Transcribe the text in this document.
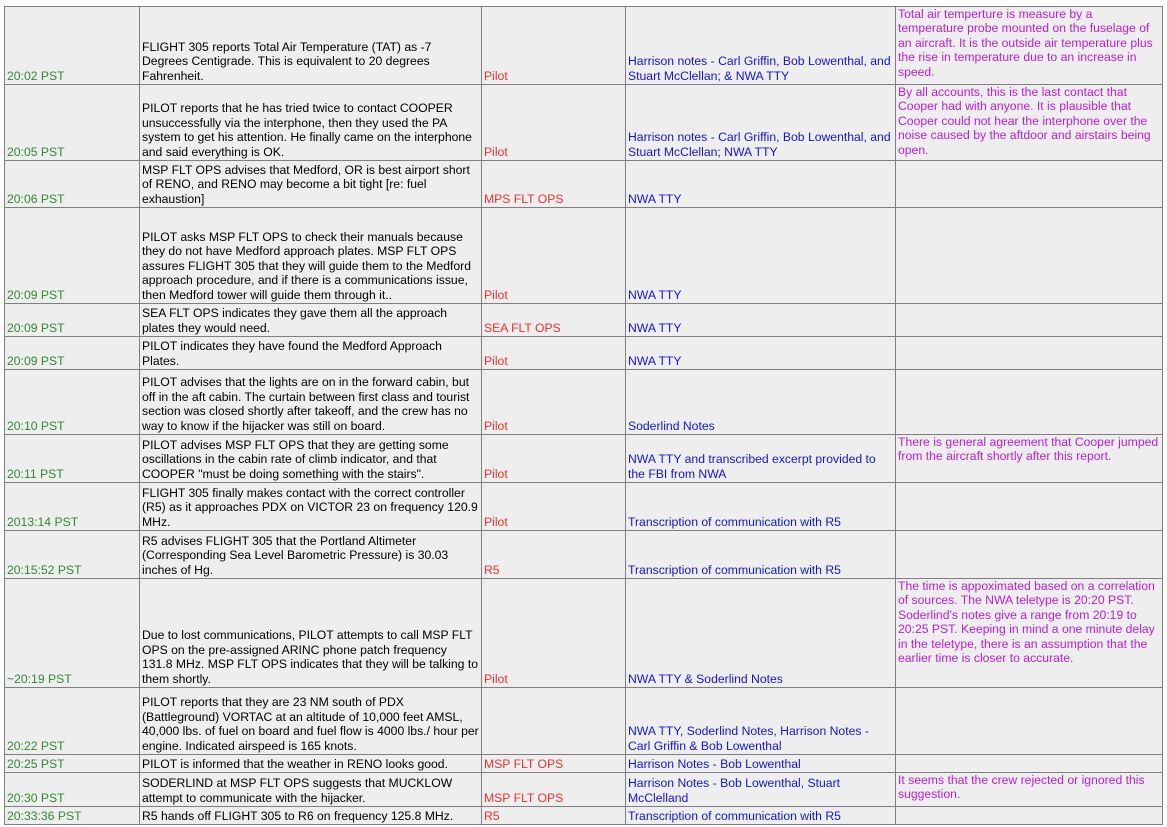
20:02 PST	FLIGHT 305 reports Total Air Temperature (TAT) as -7 Degrees Centigrade. This is equivalent to 20 degrees Fahrenheit.	Pilot	Harrison notes - Carl Griffin, Bob Lowenthal, and Stuart McClellan; & NWA TTY	Total air temperture is measure by a temperature probe mounted on the fuselage of an aircraft. It is the outside air temperature plus the rise in temperature due to an increase in speed.
20:05 PST	PILOT reports that he has tried twice to contact COOPER unsuccessfully via the interphone, then they used the PA system to get his attention. He finally came on the interphone and said everything is OK.	Pilot	Harrison notes - Carl Griffin, Bob Lowenthal, and Stuart McClellan; NWA TTY	By all accounts, this is the last contact that Cooper had with anyone. It is plausible that Cooper could not hear the interphone over the noise caused by the aftdoor and airstairs being open.
20:06 PST	MSP FLT OPS advises that Medford, OR is best airport short of RENO, and RENO may become a bit tight [re: fuel exhaustion]	MPS FLT OPS	NWA TTY	
20:09 PST	PILOT asks MSP FLT OPS to check their manuals because they do not have Medford approach plates. MSP FLT OPS assures FLIGHT 305 that they will guide them to the Medford approach procedure, and if there is a communications issue, then Medford tower will guide them through it..	Pilot	NWA TTY	
20:09 PST	SEA FLT OPS indicates they gave them all the approach plates they would need.	SEA FLT OPS	NWA TTY	
20:09 PST	PILOT indicates they have found the Medford Approach Plates.	Pilot	NWA TTY	
20:10 PST	PILOT advises that the lights are on in the forward cabin, but off in the aft cabin. The curtain between first class and tourist section was closed shortly after takeoff, and the crew has no way to know if the hijacker was still on board.	Pilot	Soderlind Notes	
20:11 PST	PILOT advises MSP FLT OPS that they are getting some oscillations in the cabin rate of climb indicator, and that COOPER "must be doing something with the stairs".	Pilot	NWA TTY and transcribed excerpt provided to the FBI from NWA	There is general agreement that Cooper jumped from the aircraft shortly after this report.
2013:14 PST	FLIGHT 305 finally makes contact with the correct controller (R5) as it approaches PDX on VICTOR 23 on frequency 120.9 MHz.	Pilot	Transcription of communication with R5	
20:15:52 PST	R5 advises FLIGHT 305 that the Portland Altimeter (Corresponding Sea Level Barometric Pressure) is 30.03 inches of Hg.	R5	Transcription of communication with R5	
~20:19 PST	Due to lost communications, PILOT attempts to call MSP FLT OPS on the pre-assigned ARINC phone patch frequency 131.8 MHz. MSP FLT OPS indicates that they will be talking to them shortly.	Pilot	NWA TTY & Soderlind Notes	The time is appoximated based on a correlation of sources. The NWA teletype is 20:20 PST. Soderlind's notes give a range from 20:19 to 20:25 PST. Keeping in mind a one minute delay in the teletype, there is an assumption that the earlier time is closer to accurate.
20:22 PST	PILOT reports that they are 23 NM south of PDX (Battleground) VORTAC at an altitude of 10,000 feet AMSL, 40,000 lbs. of fuel on board and fuel flow is 4000 lbs./ hour per engine. Indicated airspeed is 165 knots.		NWA TTY, Soderlind Notes, Harrison Notes - Carl Griffin & Bob Lowenthal	
20:25 PST	PILOT is informed that the weather in RENO looks good.	MSP FLT OPS	Harrison Notes - Bob Lowenthal	
20:30 PST	SODERLIND at MSP FLT OPS suggests that MUCKLOW attempt to communicate with the hijacker.	MSP FLT OPS	Harrison Notes - Bob Lowenthal, Stuart McClelland	It seems that the crew rejected or ignored this suggestion.
20:33:36 PST	R5 hands off FLIGHT 305 to R6 on frequency 125.8 MHz.	R5	Transcription of communication with R5	
